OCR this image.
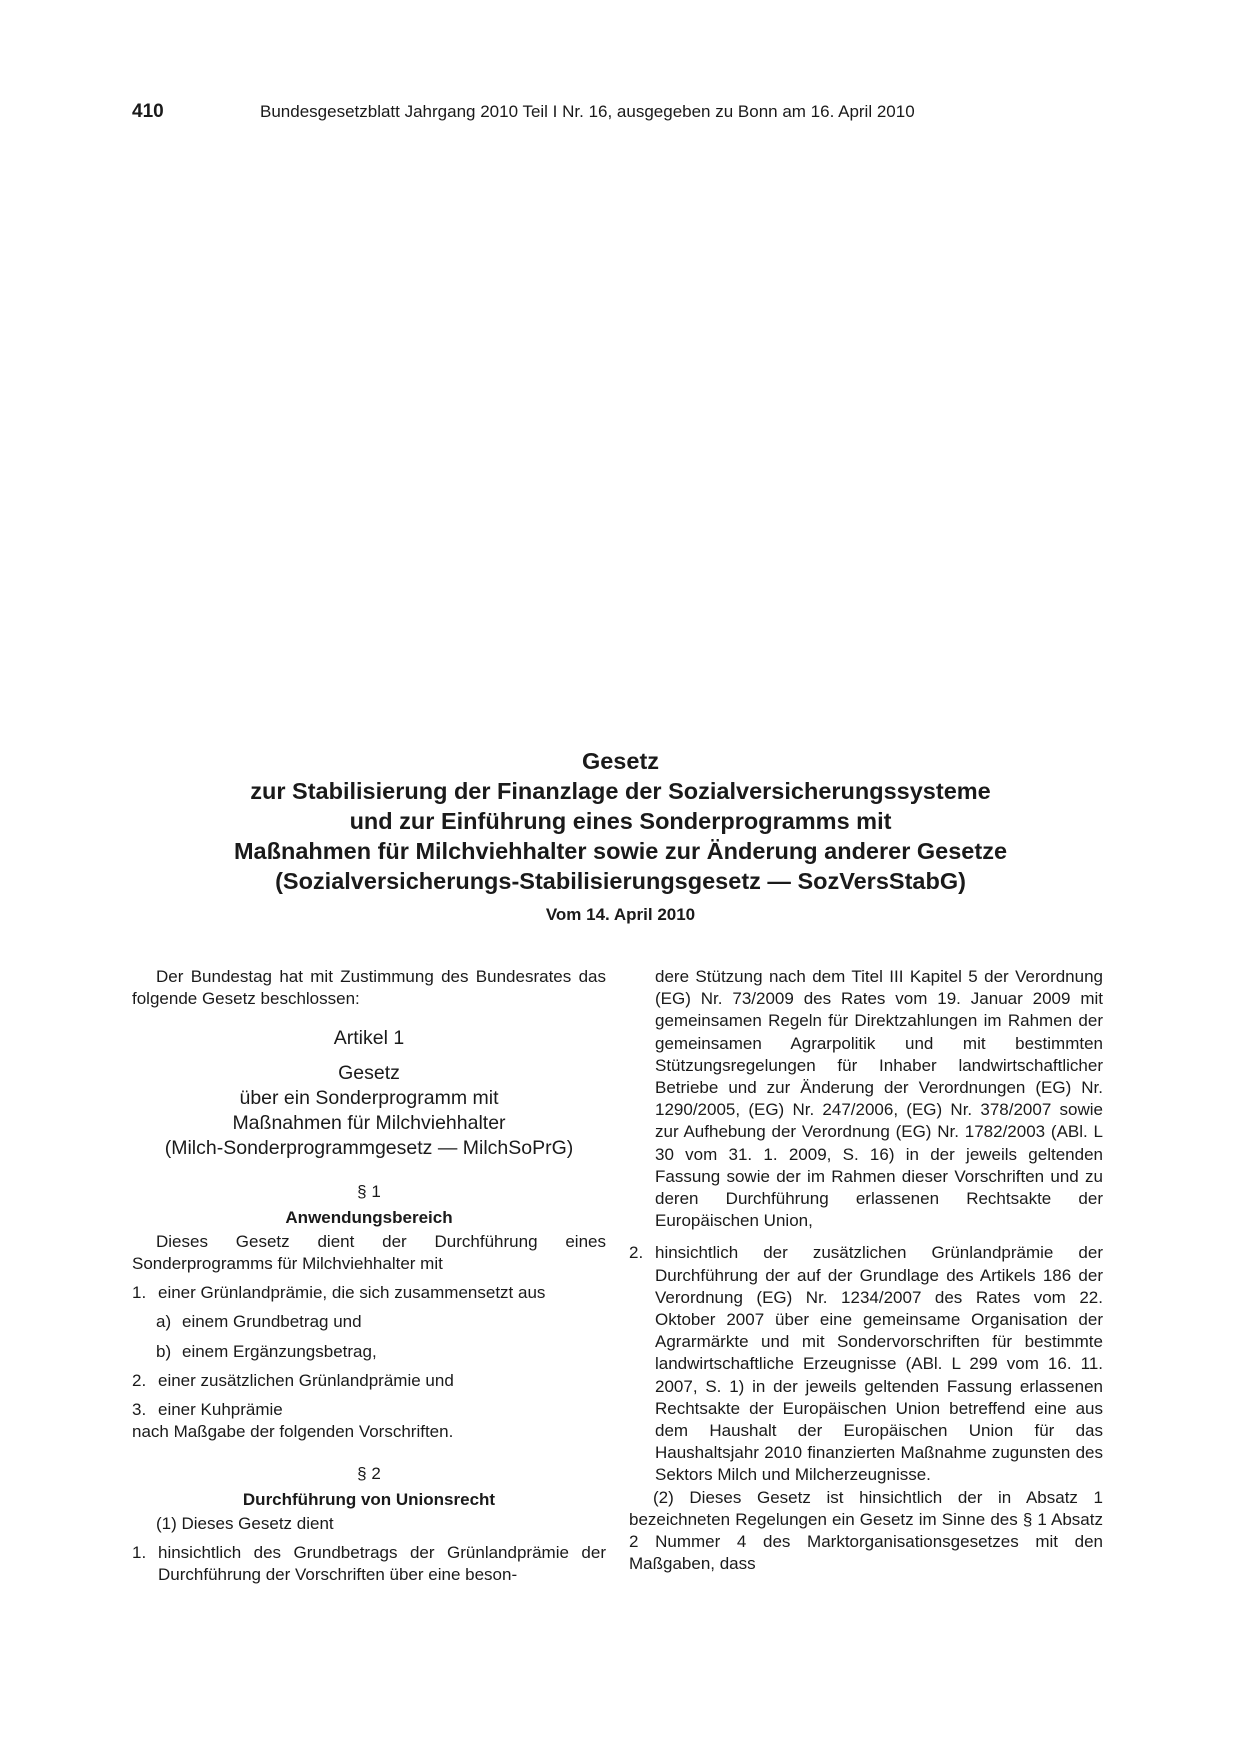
410	Bundesgesetzblatt Jahrgang 2010 Teil I Nr. 16, ausgegeben zu Bonn am 16. April 2010
Gesetz
zur Stabilisierung der Finanzlage der Sozialversicherungssysteme
und zur Einführung eines Sonderprogramms mit
Maßnahmen für Milchviehhalter sowie zur Änderung anderer Gesetze
(Sozialversicherungs-Stabilisierungsgesetz — SozVersStabG)
Vom 14. April 2010

Der Bundestag hat mit Zustimmung des Bundesrates das folgende Gesetz beschlossen:

Artikel 1
Gesetz
über ein Sonderprogramm mit
Maßnahmen für Milchviehhalter
(Milch-Sonderprogrammgesetz — MilchSoPrG)
§ 1
Anwendungsbereich

Dieses Gesetz dient der Durchführung eines Sonderprogramms für Milchviehhalter mit

1. einer Grünlandprämie, die sich zusammensetzt aus
a) einem Grundbetrag und
b) einem Ergänzungsbetrag,
2. einer zusätzlichen Grünlandprämie und
3. einer Kuhprämie

nach Maßgabe der folgenden Vorschriften.

§ 2
Durchführung von Unionsrecht

(1) Dieses Gesetz dient

1. hinsichtlich des Grundbetrags der Grünlandprämie der Durchführung der Vorschriften über eine beson-

dere Stützung nach dem Titel III Kapitel 5 der Verordnung (EG) Nr. 73/2009 des Rates vom 19. Januar 2009 mit gemeinsamen Regeln für Direktzahlungen im Rahmen der gemeinsamen Agrarpolitik und mit bestimmten Stützungsregelungen für Inhaber landwirtschaftlicher Betriebe und zur Änderung der Verordnungen (EG) Nr. 1290/2005, (EG) Nr. 247/2006, (EG) Nr. 378/2007 sowie zur Aufhebung der Verordnung (EG) Nr. 1782/2003 (ABl. L 30 vom 31. 1. 2009, S. 16) in der jeweils geltenden Fassung sowie der im Rahmen dieser Vorschriften und zu deren Durchführung erlassenen Rechtsakte der Europäischen Union,

2. hinsichtlich der zusätzlichen Grünlandprämie der Durchführung der auf der Grundlage des Artikels 186 der Verordnung (EG) Nr. 1234/2007 des Rates vom 22. Oktober 2007 über eine gemeinsame Organisation der Agrarmärkte und mit Sondervorschriften für bestimmte landwirtschaftliche Erzeugnisse (ABl. L 299 vom 16. 11. 2007, S. 1) in der jeweils geltenden Fassung erlassenen Rechtsakte der Europäischen Union betreffend eine aus dem Haushalt der Europäischen Union für das Haushaltsjahr 2010 finanzierten Maßnahme zugunsten des Sektors Milch und Milcherzeugnisse.

(2) Dieses Gesetz ist hinsichtlich der in Absatz 1 bezeichneten Regelungen ein Gesetz im Sinne des § 1 Absatz 2 Nummer 4 des Marktorganisationsgesetzes mit den Maßgaben, dass
